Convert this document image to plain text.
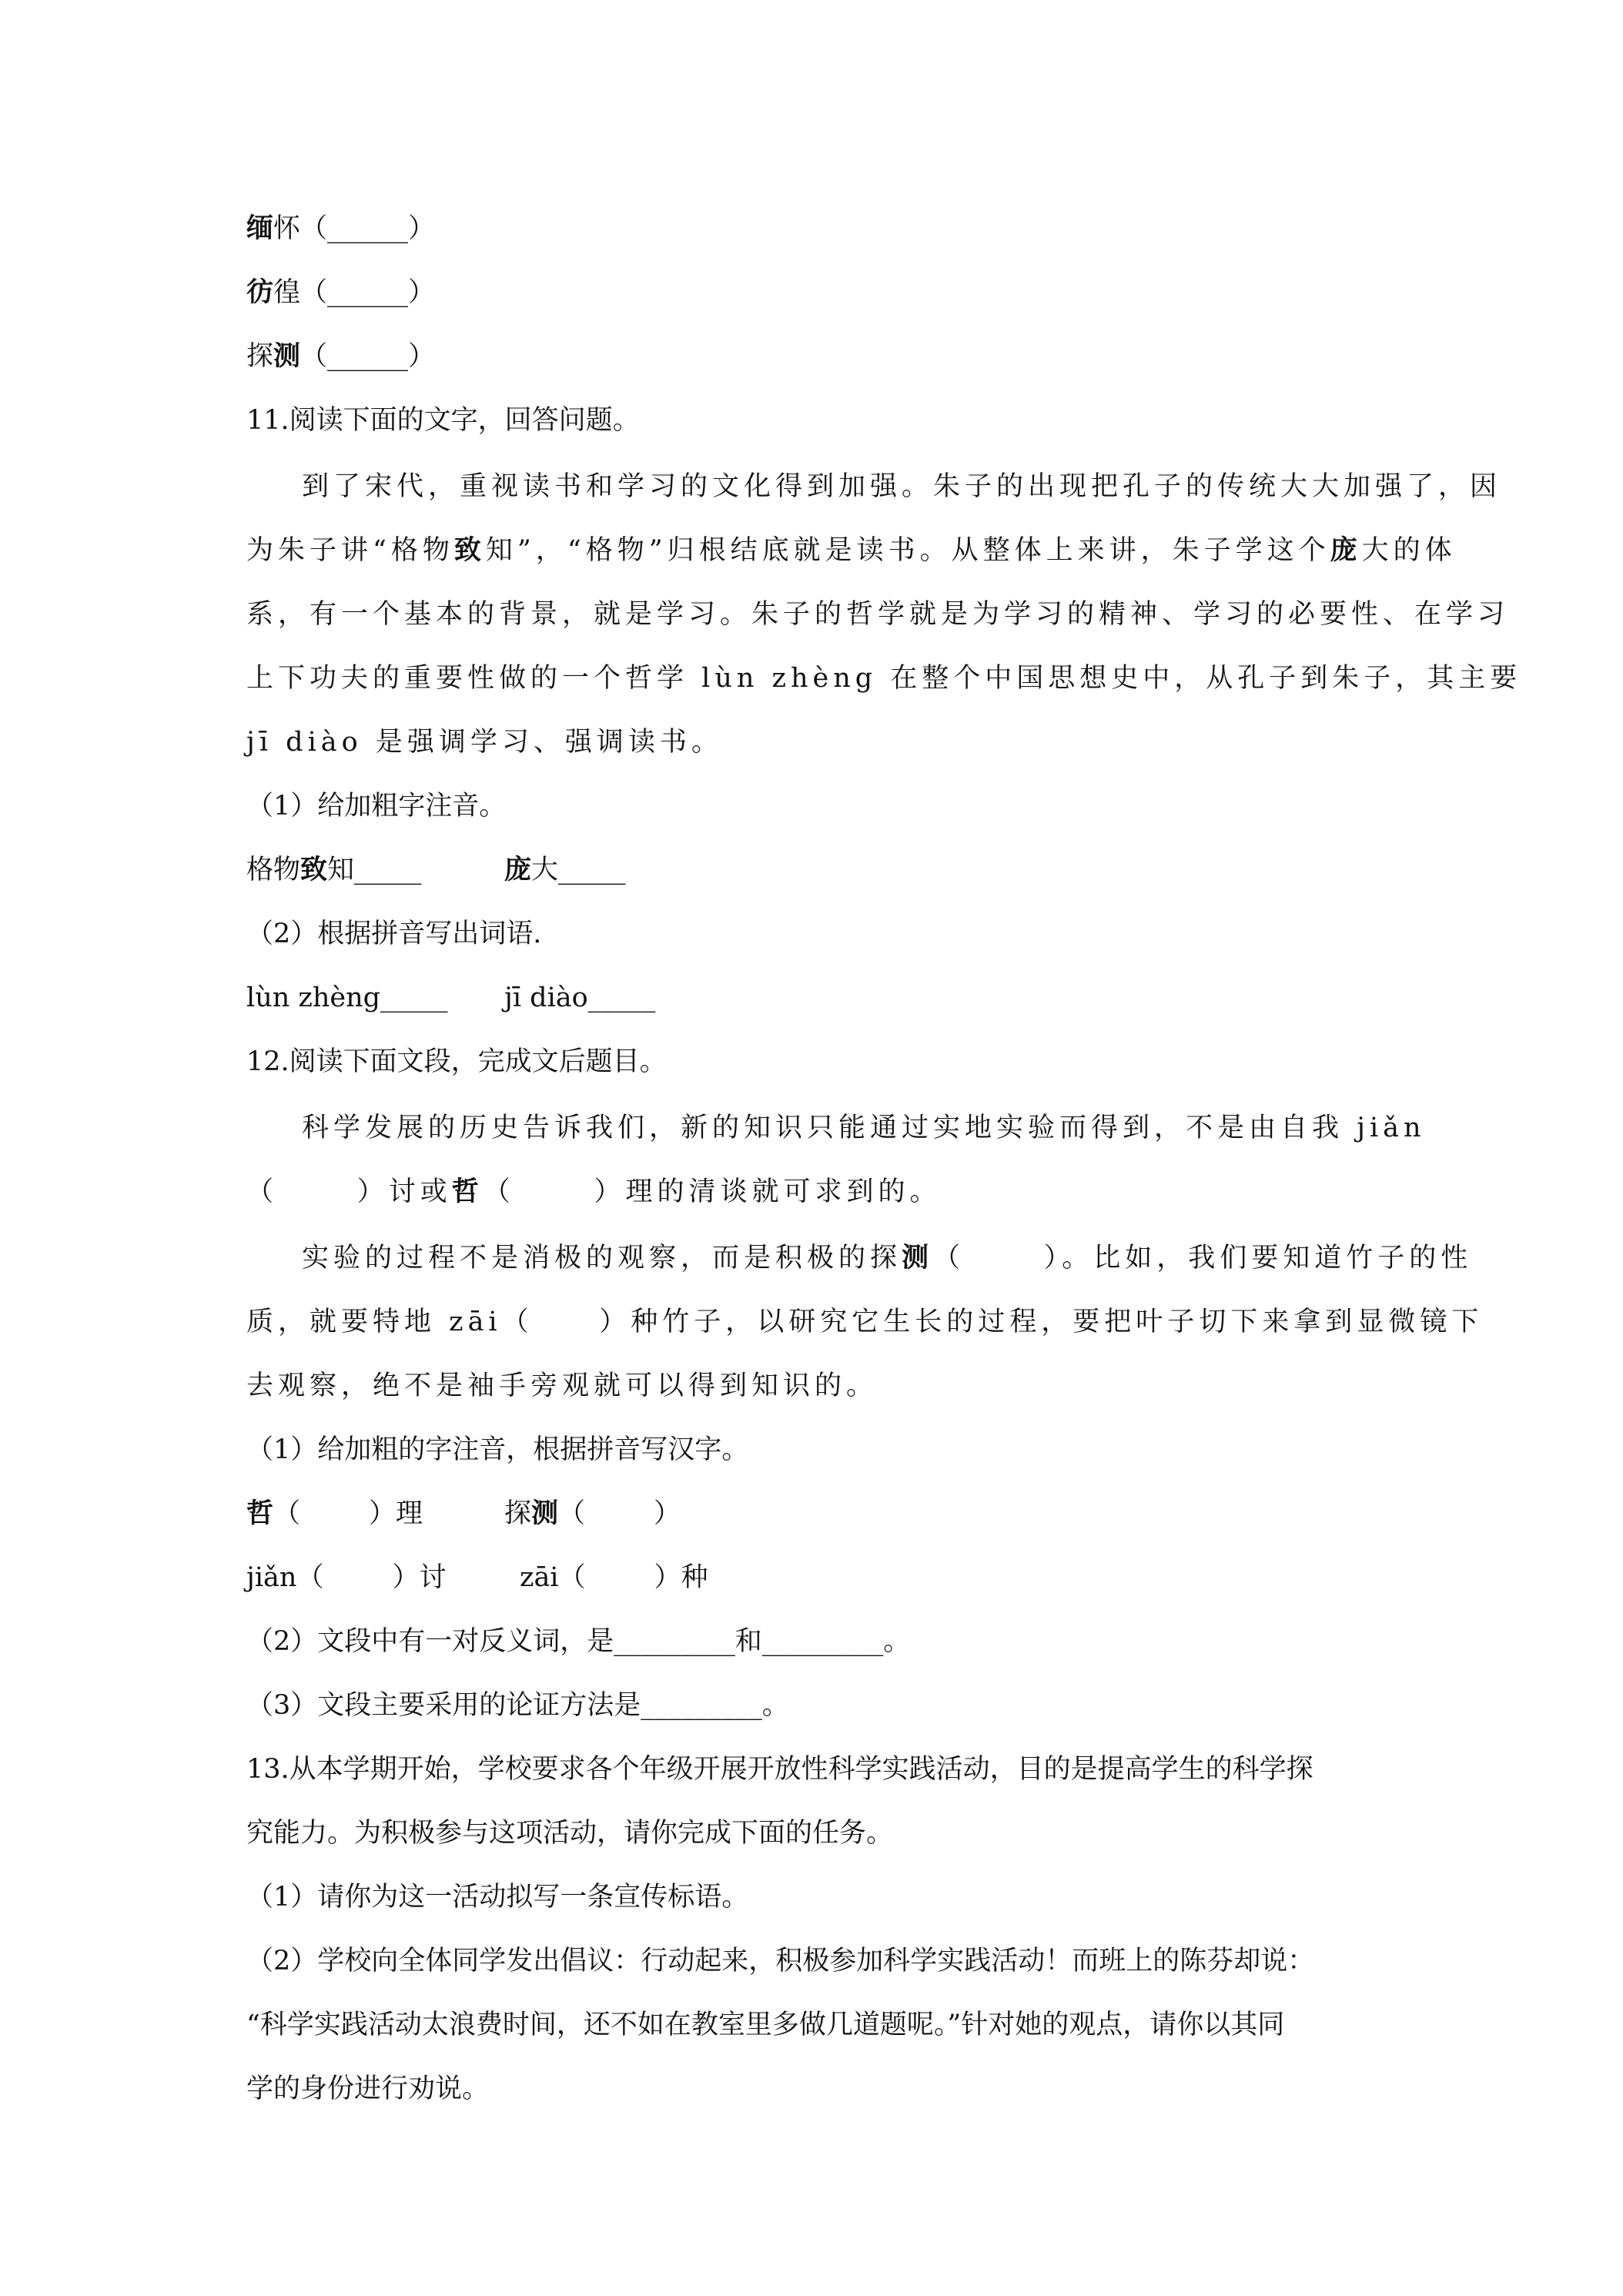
缅怀（______）
彷徨（______）
探测（______）
11.阅读下面的文字，回答问题。
到了宋代，重视读书和学习的文化得到加强。朱子的出现把孔子的传统大大加强了，因
为朱子讲“格物致知”，“格物”归根结底就是读书。从整体上来讲，朱子学这个庞大的体
系，有一个基本的背景，就是学习。朱子的哲学就是为学习的精神、学习的必要性、在学习
上下功夫的重要性做的一个哲学 lùn zhèng 在整个中国思想史中，从孔子到朱子，其主要
jī diào 是强调学习、强调读书。
（1）给加粗字注音。
格物致知_____	庞大_____
（2）根据拼音写出词语.
lùn zhèng_____ jī diào_____
12.阅读下面文段，完成文后题目。
科学发展的历史告诉我们，新的知识只能通过实地实验而得到，不是由自我 jiǎn
（      ）讨或哲（      ）理的清谈就可求到的。
实验的过程不是消极的观察，而是积极的探测（      ）。比如，我们要知道竹子的性
质，就要特地 zāi（     ）种竹子，以研究它生长的过程，要把叶子切下来拿到显微镜下
去观察，绝不是袖手旁观就可以得到知识的。
（1）给加粗的字注音，根据拼音写汉字。
哲（        ）理	探测（        ）
jiǎn（        ）讨	zāi（        ）种
（2）文段中有一对反义词，是_________和_________。
（3）文段主要采用的论证方法是_________。
13.从本学期开始，学校要求各个年级开展开放性科学实践活动，目的是提高学生的科学探
究能力。为积极参与这项活动，请你完成下面的任务。
（1）请你为这一活动拟写一条宣传标语。
（2）学校向全体同学发出倡议：行动起来，积极参加科学实践活动！而班上的陈芬却说：
“科学实践活动太浪费时间，还不如在教室里多做几道题呢。”针对她的观点，请你以其同
学的身份进行劝说。
